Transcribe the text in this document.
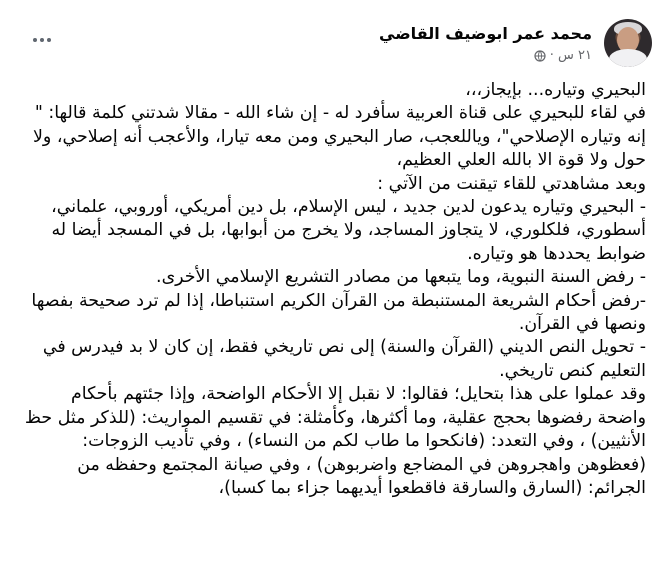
محمد عمر ابوضيف القاضي
٢١ س ·

البحيري وتياره... بإيجاز،،،

في لقاء للبحيري على قناة العربية سأفرد له - إن شاء الله - مقالا شدتني كلمة قالها: " إنه وتياره الإصلاحي"، وياللعجب، صار البحيري ومن معه تيارا، والأعجب أنه إصلاحي، ولا حول ولا قوة الا بالله العلي العظيم،

وبعد مشاهدتي للقاء تيقنت من الآتي :

- البحيري وتياره يدعون لدين جديد ، ليس الإسلام، بل دين أمريكي، أوروبي، علماني، أسطوري، فلكلوري، لا يتجاوز المساجد، ولا يخرج من أبوابها، بل في المسجد أيضا له ضوابط يحددها هو وتياره.

- رفض السنة النبوية، وما يتبعها من مصادر التشريع الإسلامي الأخرى.

-رفض أحكام الشريعة المستنبطة من القرآن الكريم استنباطا، إذا لم ترد صحيحة بفصها ونصها في القرآن.

- تحويل النص الديني (القرآن والسنة) إلى نص تاريخي فقط، إن كان لا بد فيدرس في التعليم كنص تاريخي.

وقد عملوا على هذا بتحايل؛ فقالوا: لا نقبل إلا الأحكام الواضحة، وإذا جئتهم بأحكام واضحة رفضوها بحجج عقلية، وما أكثرها، وكأمثلة: في تقسيم المواريث: (للذكر مثل حظ الأنثيين) ، وفي التعدد: (فانكحوا ما طاب لكم من النساء) ، وفي تأديب الزوجات: (فعظوهن واهجروهن في المضاجع واضربوهن) ، وفي صيانة المجتمع وحفظه من الجرائم: (السارق والسارقة فاقطعوا أيديهما جزاء بما كسبا)،
